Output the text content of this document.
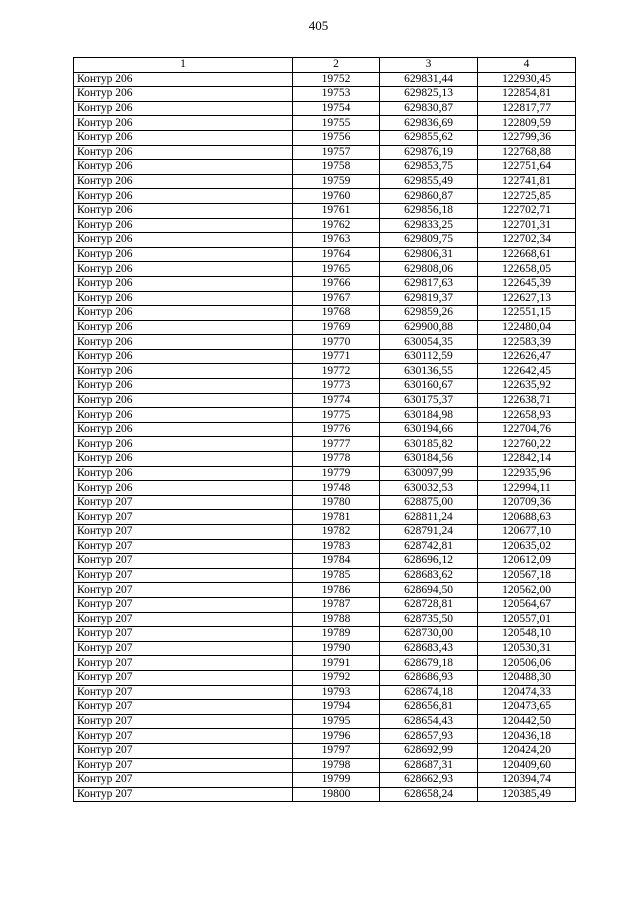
405
1	2	3	4
Контур 206	19752	629831,44	122930,45
Контур 206	19753	629825,13	122854,81
Контур 206	19754	629830,87	122817,77
Контур 206	19755	629836,69	122809,59
Контур 206	19756	629855,62	122799,36
Контур 206	19757	629876,19	122768,88
Контур 206	19758	629853,75	122751,64
Контур 206	19759	629855,49	122741,81
Контур 206	19760	629860,87	122725,85
Контур 206	19761	629856,18	122702,71
Контур 206	19762	629833,25	122701,31
Контур 206	19763	629809,75	122702,34
Контур 206	19764	629806,31	122668,61
Контур 206	19765	629808,06	122658,05
Контур 206	19766	629817,63	122645,39
Контур 206	19767	629819,37	122627,13
Контур 206	19768	629859,26	122551,15
Контур 206	19769	629900,88	122480,04
Контур 206	19770	630054,35	122583,39
Контур 206	19771	630112,59	122626,47
Контур 206	19772	630136,55	122642,45
Контур 206	19773	630160,67	122635,92
Контур 206	19774	630175,37	122638,71
Контур 206	19775	630184,98	122658,93
Контур 206	19776	630194,66	122704,76
Контур 206	19777	630185,82	122760,22
Контур 206	19778	630184,56	122842,14
Контур 206	19779	630097,99	122935,96
Контур 206	19748	630032,53	122994,11
Контур 207	19780	628875,00	120709,36
Контур 207	19781	628811,24	120688,63
Контур 207	19782	628791,24	120677,10
Контур 207	19783	628742,81	120635,02
Контур 207	19784	628696,12	120612,09
Контур 207	19785	628683,62	120567,18
Контур 207	19786	628694,50	120562,00
Контур 207	19787	628728,81	120564,67
Контур 207	19788	628735,50	120557,01
Контур 207	19789	628730,00	120548,10
Контур 207	19790	628683,43	120530,31
Контур 207	19791	628679,18	120506,06
Контур 207	19792	628686,93	120488,30
Контур 207	19793	628674,18	120474,33
Контур 207	19794	628656,81	120473,65
Контур 207	19795	628654,43	120442,50
Контур 207	19796	628657,93	120436,18
Контур 207	19797	628692,99	120424,20
Контур 207	19798	628687,31	120409,60
Контур 207	19799	628662,93	120394,74
Контур 207	19800	628658,24	120385,49
